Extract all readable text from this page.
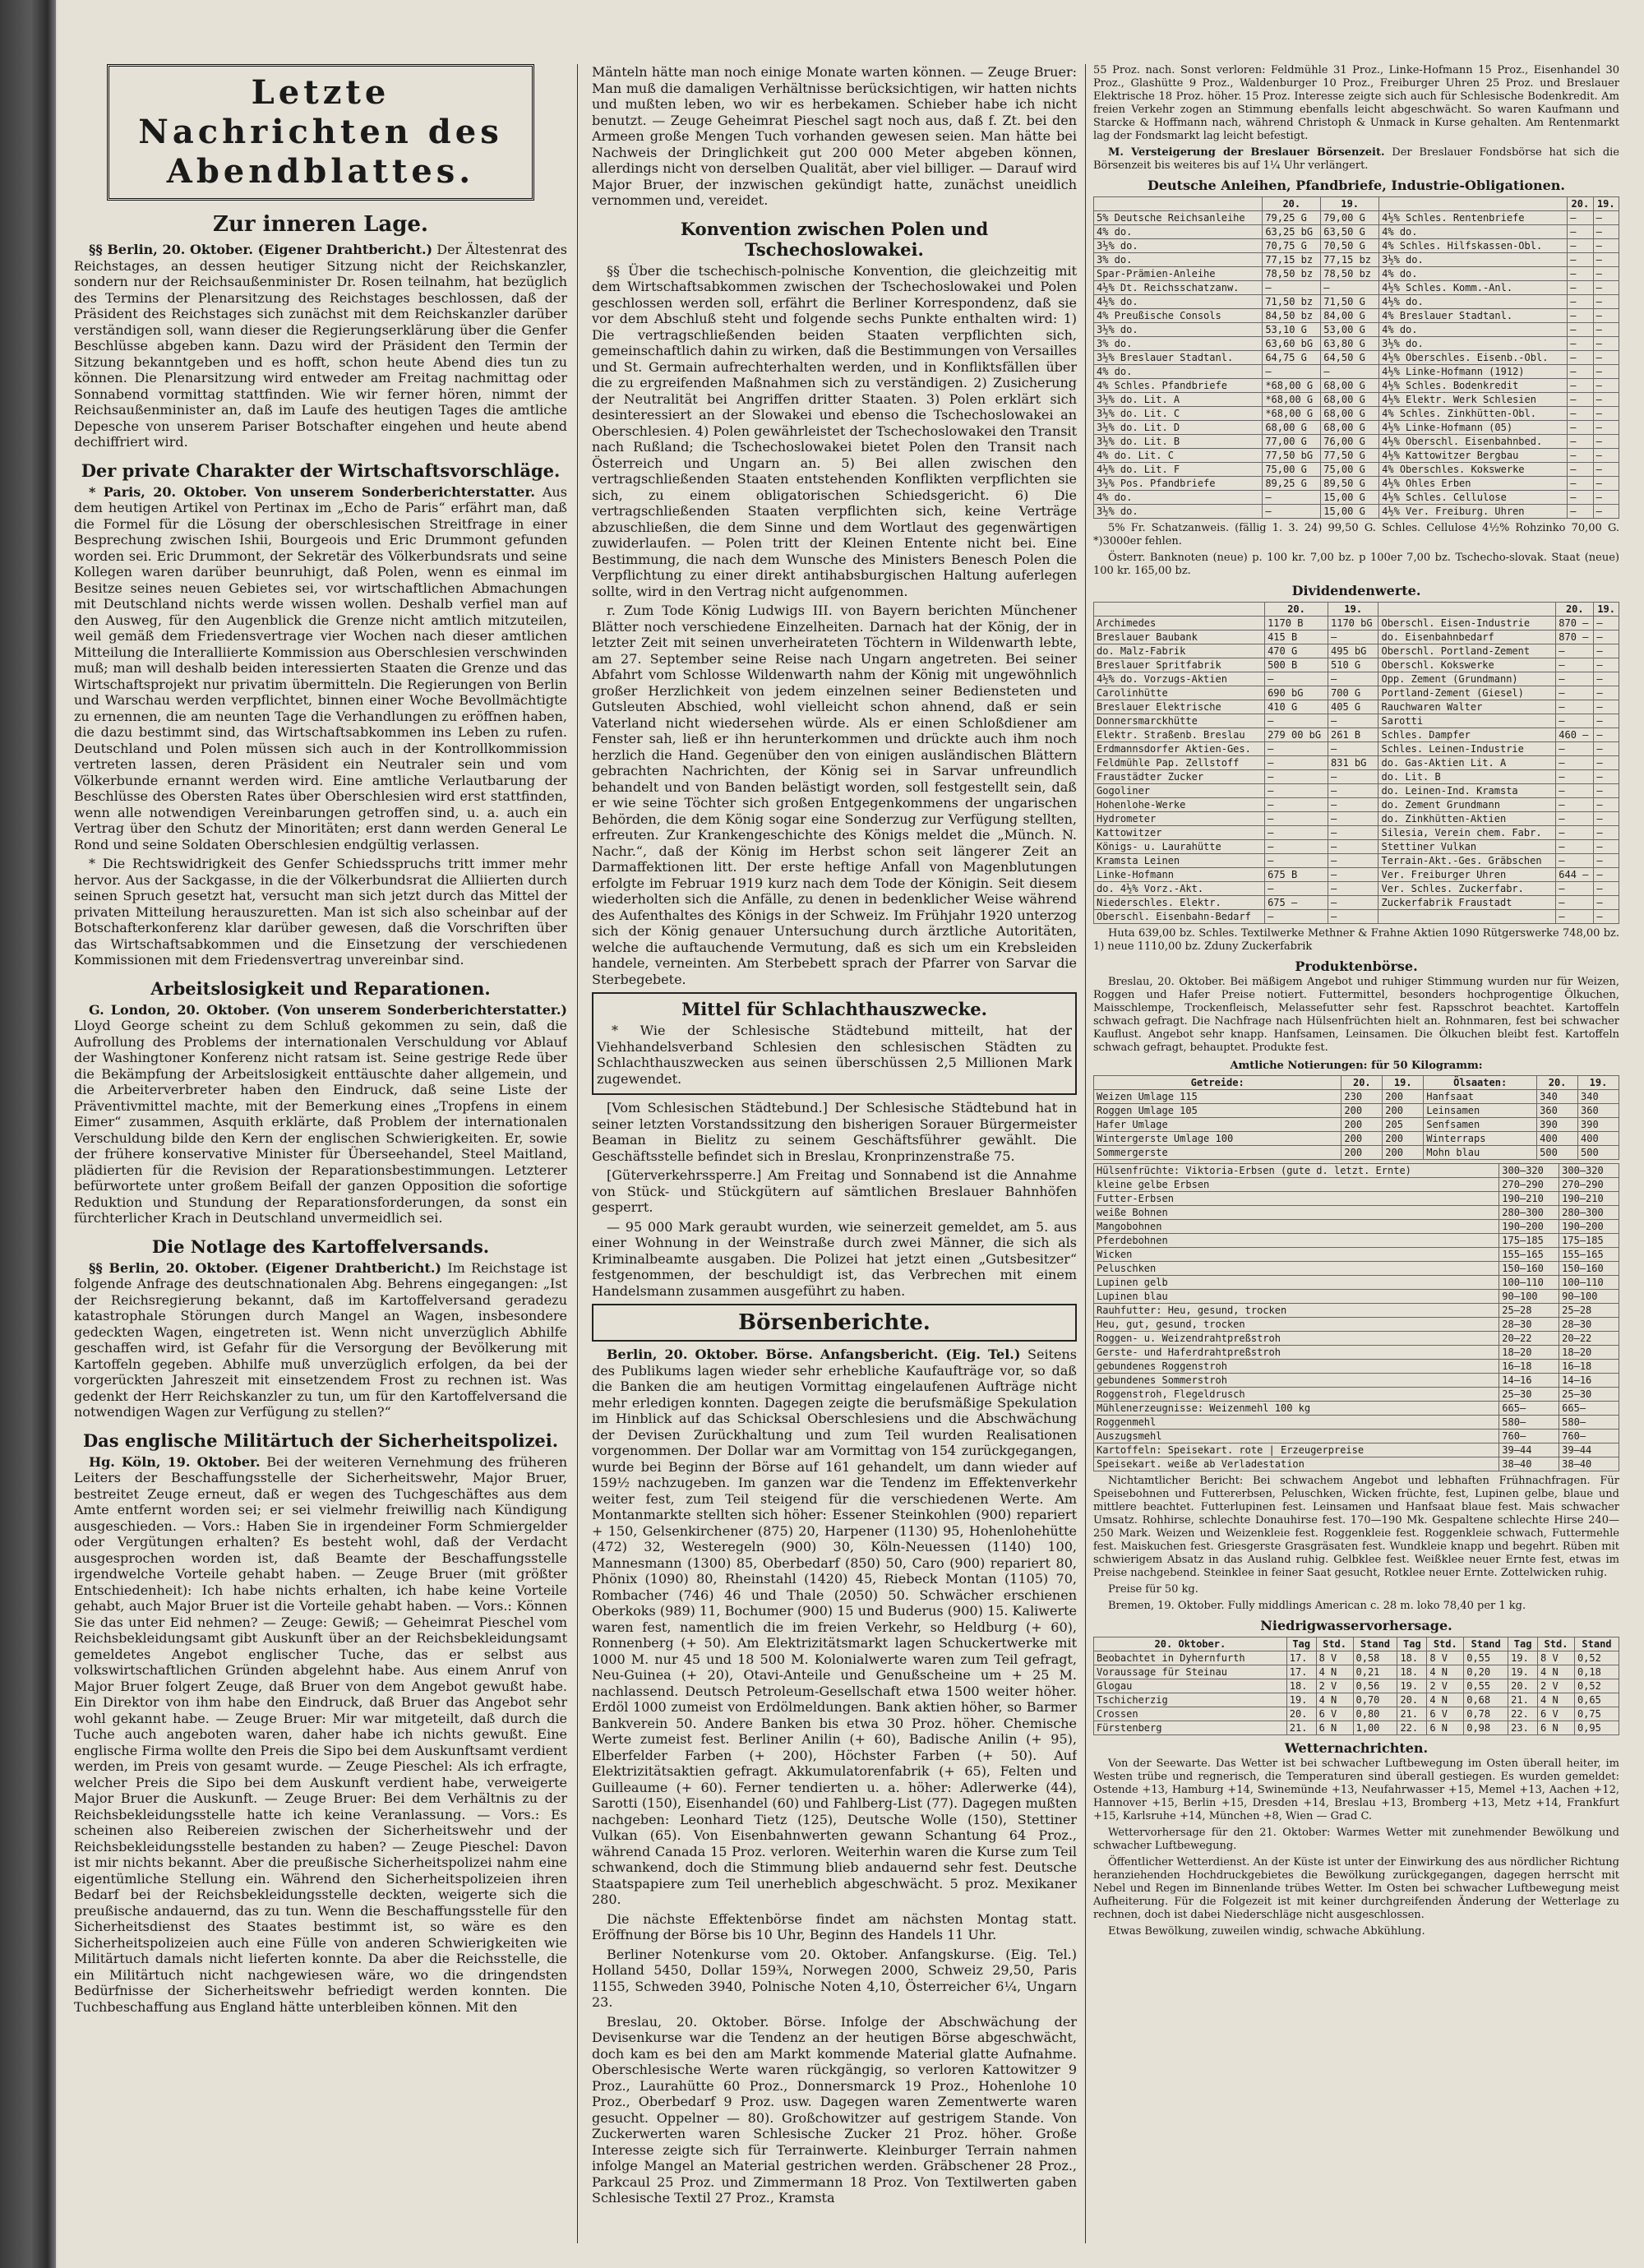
Letzte Nachrichten des Abendblattes.
Zur inneren Lage.

§§ Berlin, 20. Oktober. (Eigener Drahtbericht.) Der Ältestenrat des Reichstages, an dessen heutiger Sitzung nicht der Reichskanzler, sondern nur der Reichsaußenminister Dr. Rosen teilnahm, hat bezüglich des Termins der Plenarsitzung des Reichstages beschlossen, daß der Präsident des Reichstages sich zunächst mit dem Reichskanzler darüber verständigen soll, wann dieser die Regierungserklärung über die Genfer Beschlüsse abgeben kann. Dazu wird der Präsident den Termin der Sitzung bekanntgeben und es hofft, schon heute Abend dies tun zu können. Die Plenarsitzung wird entweder am Freitag nachmittag oder Sonnabend vormittag stattfinden. Wie wir ferner hören, nimmt der Reichsaußenminister an, daß im Laufe des heutigen Tages die amtliche Depesche von unserem Pariser Botschafter eingehen und heute abend dechiffriert wird.

Der private Charakter der Wirtschaftsvorschläge.

* Paris, 20. Oktober. Von unserem Sonderberichterstatter. Aus dem heutigen Artikel von Pertinax im „Echo de Paris“ erfährt man, daß die Formel für die Lösung der oberschlesischen Streitfrage in einer Besprechung zwischen Ishii, Bourgeois und Eric Drummont gefunden worden sei. Eric Drummont, der Sekretär des Völkerbundsrats und seine Kollegen waren darüber beunruhigt, daß Polen, wenn es einmal im Besitze seines neuen Gebietes sei, vor wirtschaftlichen Abmachungen mit Deutschland nichts werde wissen wollen. Deshalb verfiel man auf den Ausweg, für den Augenblick die Grenze nicht amtlich mitzuteilen, weil gemäß dem Friedensvertrage vier Wochen nach dieser amtlichen Mitteilung die Interalliierte Kommission aus Oberschlesien verschwinden muß; man will deshalb beiden interessierten Staaten die Grenze und das Wirtschaftsprojekt nur privatim übermitteln. Die Regierungen von Berlin und Warschau werden verpflichtet, binnen einer Woche Bevollmächtigte zu ernennen, die am neunten Tage die Verhandlungen zu eröffnen haben, die dazu bestimmt sind, das Wirtschaftsabkommen ins Leben zu rufen. Deutschland und Polen müssen sich auch in der Kontrollkommission vertreten lassen, deren Präsident ein Neutraler sein und vom Völkerbunde ernannt werden wird. Eine amtliche Verlautbarung der Beschlüsse des Obersten Rates über Oberschlesien wird erst stattfinden, wenn alle notwendigen Vereinbarungen getroffen sind, u. a. auch ein Vertrag über den Schutz der Minoritäten; erst dann werden General Le Rond und seine Soldaten Oberschlesien endgültig verlassen.

* Die Rechtswidrigkeit des Genfer Schiedsspruchs tritt immer mehr hervor. Aus der Sackgasse, in die der Völkerbundsrat die Alliierten durch seinen Spruch gesetzt hat, versucht man sich jetzt durch das Mittel der privaten Mitteilung herauszuretten. Man ist sich also scheinbar auf der Botschafterkonferenz klar darüber gewesen, daß die Vorschriften über das Wirtschaftsabkommen und die Einsetzung der verschiedenen Kommissionen mit dem Friedensvertrag unvereinbar sind.

Arbeitslosigkeit und Reparationen.

G. London, 20. Oktober. (Von unserem Sonderberichterstatter.) Lloyd George scheint zu dem Schluß gekommen zu sein, daß die Aufrollung des Problems der internationalen Verschuldung vor Ablauf der Washingtoner Konferenz nicht ratsam ist. Seine gestrige Rede über die Bekämpfung der Arbeitslosigkeit enttäuschte daher allgemein, und die Arbeiterverbreter haben den Eindruck, daß seine Liste der Präventivmittel machte, mit der Bemerkung eines „Tropfens in einem Eimer“ zusammen, Asquith erklärte, daß Problem der internationalen Verschuldung bilde den Kern der englischen Schwierigkeiten. Er, sowie der frühere konservative Minister für Überseehandel, Steel Maitland, plädierten für die Revision der Reparationsbestimmungen. Letzterer befürwortete unter großem Beifall der ganzen Opposition die sofortige Reduktion und Stundung der Reparationsforderungen, da sonst ein fürchterlicher Krach in Deutschland unvermeidlich sei.

Die Notlage des Kartoffelversands.

§§ Berlin, 20. Oktober. (Eigener Drahtbericht.) Im Reichstage ist folgende Anfrage des deutschnationalen Abg. Behrens eingegangen: „Ist der Reichsregierung bekannt, daß im Kartoffelversand geradezu katastrophale Störungen durch Mangel an Wagen, insbesondere gedeckten Wagen, eingetreten ist. Wenn nicht unverzüglich Abhilfe geschaffen wird, ist Gefahr für die Versorgung der Bevölkerung mit Kartoffeln gegeben. Abhilfe muß unverzüglich erfolgen, da bei der vorgerückten Jahreszeit mit einsetzendem Frost zu rechnen ist. Was gedenkt der Herr Reichskanzler zu tun, um für den Kartoffelversand die notwendigen Wagen zur Verfügung zu stellen?“

Das englische Militärtuch der Sicherheitspolizei.

Hg. Köln, 19. Oktober. Bei der weiteren Vernehmung des früheren Leiters der Beschaffungsstelle der Sicherheitswehr, Major Bruer, bestreitet Zeuge erneut, daß er wegen des Tuchgeschäftes aus dem Amte entfernt worden sei; er sei vielmehr freiwillig nach Kündigung ausgeschieden. — Vors.: Haben Sie in irgendeiner Form Schmiergelder oder Vergütungen erhalten? Es besteht wohl, daß der Verdacht ausgesprochen worden ist, daß Beamte der Beschaffungsstelle irgendwelche Vorteile gehabt haben. — Zeuge Bruer (mit größter Entschiedenheit): Ich habe nichts erhalten, ich habe keine Vorteile gehabt, auch Major Bruer ist die Vorteile gehabt haben. — Vors.: Können Sie das unter Eid nehmen? — Zeuge: Gewiß; — Geheimrat Pieschel vom Reichsbekleidungsamt gibt Auskunft über an der Reichsbekleidungsamt gemeldetes Angebot englischer Tuche, das er selbst aus volkswirtschaftlichen Gründen abgelehnt habe. Aus einem Anruf von Major Bruer folgert Zeuge, daß Bruer von dem Angebot gewußt habe. Ein Direktor von ihm habe den Eindruck, daß Bruer das Angebot sehr wohl gekannt habe. — Zeuge Bruer: Mir war mitgeteilt, daß durch die Tuche auch angeboten waren, daher habe ich nichts gewußt. Eine englische Firma wollte den Preis die Sipo bei dem Auskunftsamt verdient werden, im Preis von gesamt wurde. — Zeuge Pieschel: Als ich erfragte, welcher Preis die Sipo bei dem Auskunft verdient habe, verweigerte Major Bruer die Auskunft. — Zeuge Bruer: Bei dem Verhältnis zu der Reichsbekleidungsstelle hatte ich keine Veranlassung. — Vors.: Es scheinen also Reibereien zwischen der Sicherheitswehr und der Reichsbekleidungsstelle bestanden zu haben? — Zeuge Pieschel: Davon ist mir nichts bekannt. Aber die preußische Sicherheitspolizei nahm eine eigentümliche Stellung ein. Während den Sicherheitspolizeien ihren Bedarf bei der Reichsbekleidungsstelle deckten, weigerte sich die preußische andauernd, das zu tun. Wenn die Beschaffungsstelle für den Sicherheitsdienst des Staates bestimmt ist, so wäre es den Sicherheitspolizeien auch eine Fülle von anderen Schwierigkeiten wie Militärtuch damals nicht lieferten konnte. Da aber die Reichsstelle, die ein Militärtuch nicht nachgewiesen wäre, wo die dringendsten Bedürfnisse der Sicherheitswehr befriedigt werden konnten. Die Tuchbeschaffung aus England hätte unterbleiben können. Mit den

Mänteln hätte man noch einige Monate warten können. — Zeuge Bruer: Man muß die damaligen Verhältnisse berücksichtigen, wir hatten nichts und mußten leben, wo wir es herbekamen. Schieber habe ich nicht benutzt. — Zeuge Geheimrat Pieschel sagt noch aus, daß f. Zt. bei den Armeen große Mengen Tuch vorhanden gewesen seien. Man hätte bei Nachweis der Dringlichkeit gut 200 000 Meter abgeben können, allerdings nicht von derselben Qualität, aber viel billiger. — Darauf wird Major Bruer, der inzwischen gekündigt hatte, zunächst uneidlich vernommen und, vereidet.

Konvention zwischen Polen und Tschechoslowakei.

§§ Über die tschechisch-polnische Konvention, die gleichzeitig mit dem Wirtschaftsabkommen zwischen der Tschechoslowakei und Polen geschlossen werden soll, erfährt die Berliner Korrespondenz, daß sie vor dem Abschluß steht und folgende sechs Punkte enthalten wird: 1) Die vertragschließenden beiden Staaten verpflichten sich, gemeinschaftlich dahin zu wirken, daß die Bestimmungen von Versailles und St. Germain aufrechterhalten werden, und in Konfliktsfällen über die zu ergreifenden Maßnahmen sich zu verständigen. 2) Zusicherung der Neutralität bei Angriffen dritter Staaten. 3) Polen erklärt sich desinteressiert an der Slowakei und ebenso die Tschechoslowakei an Oberschlesien. 4) Polen gewährleistet der Tschechoslowakei den Transit nach Rußland; die Tschechoslowakei bietet Polen den Transit nach Österreich und Ungarn an. 5) Bei allen zwischen den vertragschließenden Staaten entstehenden Konflikten verpflichten sie sich, zu einem obligatorischen Schiedsgericht. 6) Die vertragschließenden Staaten verpflichten sich, keine Verträge abzuschließen, die dem Sinne und dem Wortlaut des gegenwärtigen zuwiderlaufen. — Polen tritt der Kleinen Entente nicht bei. Eine Bestimmung, die nach dem Wunsche des Ministers Benesch Polen die Verpflichtung zu einer direkt antihabsburgischen Haltung auferlegen sollte, wird in den Vertrag nicht aufgenommen.

r. Zum Tode König Ludwigs III. von Bayern berichten Münchener Blätter noch verschiedene Einzelheiten. Darnach hat der König, der in letzter Zeit mit seinen unverheirateten Töchtern in Wildenwarth lebte, am 27. September seine Reise nach Ungarn angetreten. Bei seiner Abfahrt vom Schlosse Wildenwarth nahm der König mit ungewöhnlich großer Herzlichkeit von jedem einzelnen seiner Bediensteten und Gutsleuten Abschied, wohl vielleicht schon ahnend, daß er sein Vaterland nicht wiedersehen würde. Als er einen Schloßdiener am Fenster sah, ließ er ihn herunterkommen und drückte auch ihm noch herzlich die Hand. Gegenüber den von einigen ausländischen Blättern gebrachten Nachrichten, der König sei in Sarvar unfreundlich behandelt und von Banden belästigt worden, soll festgestellt sein, daß er wie seine Töchter sich großen Entgegenkommens der ungarischen Behörden, die dem König sogar eine Sonderzug zur Verfügung stellten, erfreuten. Zur Krankengeschichte des Königs meldet die „Münch. N. Nachr.“, daß der König im Herbst schon seit längerer Zeit an Darmaffektionen litt. Der erste heftige Anfall von Magenblutungen erfolgte im Februar 1919 kurz nach dem Tode der Königin. Seit diesem wiederholten sich die Anfälle, zu denen in bedenklicher Weise während des Aufenthaltes des Königs in der Schweiz. Im Frühjahr 1920 unterzog sich der König genauer Untersuchung durch ärztliche Autoritäten, welche die auftauchende Vermutung, daß es sich um ein Krebsleiden handele, verneinten. Am Sterbebett sprach der Pfarrer von Sarvar die Sterbegebete.

Mittel für Schlachthauszwecke.

* Wie der Schlesische Städtebund mitteilt, hat der Viehhandelsverband Schlesien den schlesischen Städten zu Schlachthauszwecken aus seinen überschüssen 2,5 Millionen Mark zugewendet.

[Vom Schlesischen Städtebund.] Der Schlesische Städtebund hat in seiner letzten Vorstandssitzung den bisherigen Sorauer Bürgermeister Beaman in Bielitz zu seinem Geschäftsführer gewählt. Die Geschäftsstelle befindet sich in Breslau, Kronprinzenstraße 75.

[Güterverkehrssperre.] Am Freitag und Sonnabend ist die Annahme von Stück- und Stückgütern auf sämtlichen Breslauer Bahnhöfen gesperrt.

— 95 000 Mark geraubt wurden, wie seinerzeit gemeldet, am 5. aus einer Wohnung in der Weinstraße durch zwei Männer, die sich als Kriminalbeamte ausgaben. Die Polizei hat jetzt einen „Gutsbesitzer“ festgenommen, der beschuldigt ist, das Verbrechen mit einem Handelsmann zusammen ausgeführt zu haben.

Börsenberichte.

Berlin, 20. Oktober. Börse. Anfangsbericht. (Eig. Tel.) Seitens des Publikums lagen wieder sehr erhebliche Kaufaufträge vor, so daß die Banken die am heutigen Vormittag eingelaufenen Aufträge nicht mehr erledigen konnten. Dagegen zeigte die berufsmäßige Spekulation im Hinblick auf das Schicksal Oberschlesiens und die Abschwächung der Devisen Zurückhaltung und zum Teil wurden Realisationen vorgenommen. Der Dollar war am Vormittag von 154 zurückgegangen, wurde bei Beginn der Börse auf 161 gehandelt, um dann wieder auf 159½ nachzugeben. Im ganzen war die Tendenz im Effektenverkehr weiter fest, zum Teil steigend für die verschiedenen Werte. Am Montanmarkte stellten sich höher: Essener Steinkohlen (900) repariert + 150, Gelsenkirchener (875) 20, Harpener (1130) 95, Hohenlohehütte (472) 32, Westeregeln (900) 30, Köln-Neuessen (1140) 100, Mannesmann (1300) 85, Oberbedarf (850) 50, Caro (900) repariert 80, Phönix (1090) 80, Rheinstahl (1420) 45, Riebeck Montan (1105) 70, Rombacher (746) 46 und Thale (2050) 50. Schwächer erschienen Oberkoks (989) 11, Bochumer (900) 15 und Buderus (900) 15. Kaliwerte waren fest, namentlich die im freien Verkehr, so Heldburg (+ 60), Ronnenberg (+ 50). Am Elektrizitätsmarkt lagen Schuckertwerke mit 1000 M. nur 45 und 18 500 M. Kolonialwerte waren zum Teil gefragt, Neu-Guinea (+ 20), Otavi-Anteile und Genußscheine um + 25 M. nachlassend. Deutsch Petroleum-Gesellschaft etwa 1500 weiter höher. Erdöl 1000 zumeist von Erdölmeldungen. Bank aktien höher, so Barmer Bankverein 50. Andere Banken bis etwa 30 Proz. höher. Chemische Werte zumeist fest. Berliner Anilin (+ 60), Badische Anilin (+ 95), Elberfelder Farben (+ 200), Höchster Farben (+ 50). Auf Elektrizitätsaktien gefragt. Akkumulatorenfabrik (+ 65), Felten und Guilleaume (+ 60). Ferner tendierten u. a. höher: Adlerwerke (44), Sarotti (150), Eisenhandel (60) und Fahlberg-List (77). Dagegen mußten nachgeben: Leonhard Tietz (125), Deutsche Wolle (150), Stettiner Vulkan (65). Von Eisenbahnwerten gewann Schantung 64 Proz., während Canada 15 Proz. verloren. Weiterhin waren die Kurse zum Teil schwankend, doch die Stimmung blieb andauernd sehr fest. Deutsche Staatspapiere zum Teil unerheblich abgeschwächt. 5 proz. Mexikaner 280.

Die nächste Effektenbörse findet am nächsten Montag statt. Eröffnung der Börse bis 10 Uhr, Beginn des Handels 11 Uhr.

Berliner Notenkurse vom 20. Oktober. Anfangskurse. (Eig. Tel.) Holland 5450, Dollar 159¾, Norwegen 2000, Schweiz 29,50, Paris 1155, Schweden 3940, Polnische Noten 4,10, Österreicher 6¼, Ungarn 23.

Breslau, 20. Oktober. Börse. Infolge der Abschwächung der Devisenkurse war die Tendenz an der heutigen Börse abgeschwächt, doch kam es bei den am Markt kommende Material glatte Aufnahme. Oberschlesische Werte waren rückgängig, so verloren Kattowitzer 9 Proz., Laurahütte 60 Proz., Donnersmarck 19 Proz., Hohenlohe 10 Proz., Oberbedarf 9 Proz. usw. Dagegen waren Zementwerte waren gesucht. Oppelner — 80). Großchowitzer auf gestrigem Stande. Von Zuckerwerten waren Schlesische Zucker 21 Proz. höher. Große Interesse zeigte sich für Terrainwerte. Kleinburger Terrain nahmen infolge Mangel an Material gestrichen werden. Gräbschener 28 Proz., Parkcaul 25 Proz. und Zimmermann 18 Proz. Von Textilwerten gaben Schlesische Textil 27 Proz., Kramsta

55 Proz. nach. Sonst verloren: Feldmühle 31 Proz., Linke-Hofmann 15 Proz., Eisenhandel 30 Proz., Glashütte 9 Proz., Waldenburger 10 Proz., Freiburger Uhren 25 Proz. und Breslauer Elektrische 18 Proz. höher. 15 Proz. Interesse zeigte sich auch für Schlesische Bodenkredit. Am freien Verkehr zogen an Stimmung ebenfalls leicht abgeschwächt. So waren Kaufmann und Starcke & Hoffmann nach, während Christoph & Unmack in Kurse gehalten. Am Rentenmarkt lag der Fondsmarkt lag leicht befestigt.

M. Versteigerung der Breslauer Börsenzeit. Der Breslauer Fondsbörse hat sich die Börsenzeit bis weiteres bis auf 1¼ Uhr verlängert.

Deutsche Anleihen, Pfandbriefe, Industrie-Obligationen.
	20.	19.		20.	19.
5% Deutsche Reichsanleihe	79,25 G	79,00 G	4½% Schles. Rentenbriefe	—	—
4% do.	63,25 bG	63,50 G	4% do.	—	—
3½% do.	70,75 G	70,50 G	4% Schles. Hilfskassen-Obl.	—	—
3% do.	77,15 bz	77,15 bz	3½% do.	—	—
Spar-Prämien-Anleihe	78,50 bz	78,50 bz	4% do.	—	—
4½% Dt. Reichsschatzanw.	—	—	4½% Schles. Komm.-Anl.	—	—
4½% do.	71,50 bz	71,50 G	4½% do.	—	—
4% Preußische Consols	84,50 bz	84,00 G	4% Breslauer Stadtanl.	—	—
3½% do.	53,10 G	53,00 G	4% do.	—	—
3% do.	63,60 bG	63,80 G	3½% do.	—	—
3½% Breslauer Stadtanl.	64,75 G	64,50 G	4½% Oberschles. Eisenb.-Obl.	—	—
4% do.	—	—	4½% Linke-Hofmann (1912)	—	—
4% Schles. Pfandbriefe	*68,00 G	68,00 G	4½% Schles. Bodenkredit	—	—
3½% do. Lit. A	*68,00 G	68,00 G	4½% Elektr. Werk Schlesien	—	—
3½% do. Lit. C	*68,00 G	68,00 G	4% Schles. Zinkhütten-Obl.	—	—
3½% do. Lit. D	68,00 G	68,00 G	4½% Linke-Hofmann (05)	—	—
3½% do. Lit. B	77,00 G	76,00 G	4½% Oberschl. Eisenbahnbed.	—	—
4% do. Lit. C	77,50 bG	77,50 G	4½% Kattowitzer Bergbau	—	—
4½% do. Lit. F	75,00 G	75,00 G	4% Oberschles. Kokswerke	—	—
3½% Pos. Pfandbriefe	89,25 G	89,50 G	4½% Ohles Erben	—	—
4% do.	—	15,00 G	4½% Schles. Cellulose	—	—
3½% do.	—	15,00 G	4½% Ver. Freiburg. Uhren	—	—

5% Fr. Schatzanweis. (fällig 1. 3. 24) 99,50 G. Schles. Cellulose 4½% Rohzinko 70,00 G. *)3000er fehlen.

Österr. Banknoten (neue) p. 100 kr. 7,00 bz. p 100er 7,00 bz. Tschecho-slovak. Staat (neue) 100 kr. 165,00 bz.

Dividendenwerte.
	20.	19.		20.	19.
Archimedes	1170 B	1170 bG	Oberschl. Eisen-Industrie	870 —	—
Breslauer Baubank	415 B	—	do. Eisenbahnbedarf	870 —	—
do. Malz-Fabrik	470 G	495 bG	Oberschl. Portland-Zement	—	—
Breslauer Spritfabrik	500 B	510 G	Oberschl. Kokswerke	—	—
4½% do. Vorzugs-Aktien	—	—	Opp. Zement (Grundmann)	—	—
Carolinhütte	690 bG	700 G	Portland-Zement (Giesel)	—	—
Breslauer Elektrische	410 G	405 G	Rauchwaren Walter	—	—
Donnersmarckhütte	—	—	Sarotti	—	—
Elektr. Straßenb. Breslau	279 00 bG	261 B	Schles. Dampfer	460 —	—
Erdmannsdorfer Aktien-Ges.	—	—	Schles. Leinen-Industrie	—	—
Feldmühle Pap. Zellstoff	—	831 bG	do. Gas-Aktien Lit. A	—	—
Fraustädter Zucker	—	—	do. Lit. B	—	—
Gogoliner	—	—	do. Leinen-Ind. Kramsta	—	—
Hohenlohe-Werke	—	—	do. Zement Grundmann	—	—
Hydrometer	—	—	do. Zinkhütten-Aktien	—	—
Kattowitzer	—	—	Silesia, Verein chem. Fabr.	—	—
Königs- u. Laurahütte	—	—	Stettiner Vulkan	—	—
Kramsta Leinen	—	—	Terrain-Akt.-Ges. Gräbschen	—	—
Linke-Hofmann	675 B	—	Ver. Freiburger Uhren	644 —	—
do. 4½% Vorz.-Akt.	—	—	Ver. Schles. Zuckerfabr.	—	—
Niederschles. Elektr.	675 —	—	Zuckerfabrik Fraustadt	—	—
Oberschl. Eisenbahn-Bedarf	—	—		—	—

Huta 639,00 bz. Schles. Textilwerke Methner & Frahne Aktien 1090 Rütgerswerke 748,00 bz. 1) neue 1110,00 bz. Zduny Zuckerfabrik

Produktenbörse.

Breslau, 20. Oktober. Bei mäßigem Angebot und ruhiger Stimmung wurden nur für Weizen, Roggen und Hafer Preise notiert. Futtermittel, besonders hochprogentige Ölkuchen, Maisschlempe, Trockenfleisch, Melassefutter sehr fest. Rapsschrot beachtet. Kartoffeln schwach gefragt. Die Nachfrage nach Hülsenfrüchten hielt an. Rohnmaren, fest bei schwacher Kauflust. Angebot sehr knapp. Hanfsamen, Leinsamen. Die Ölkuchen bleibt fest. Kartoffeln schwach gefragt, behauptet. Produkte fest.

Amtliche Notierungen: für 50 Kilogramm:
Getreide:	20.	19.	Ölsaaten:	20.	19.
Weizen Umlage 115	230	200	Hanfsaat	340	340
Roggen Umlage 105	200	200	Leinsamen	360	360
Hafer Umlage	200	205	Senfsamen	390	390
Wintergerste Umlage 100	200	200	Winterraps	400	400
Sommergerste	200	200	Mohn blau	500	500
Hülsenfrüchte: Viktoria-Erbsen (gute d. letzt. Ernte)	300—320	300—320
kleine gelbe Erbsen	270—290	270—290
Futter-Erbsen	190—210	190—210
weiße Bohnen	280—300	280—300
Mangobohnen	190—200	190—200
Pferdebohnen	175—185	175—185
Wicken	155—165	155—165
Peluschken	150—160	150—160
Lupinen gelb	100—110	100—110
Lupinen blau	90—100	90—100
Rauhfutter: Heu, gesund, trocken	25—28	25—28
Heu, gut, gesund, trocken	28—30	28—30
Roggen- u. Weizendrahtpreßstroh	20—22	20—22
Gerste- und Haferdrahtpreßstroh	18—20	18—20
gebundenes Roggenstroh	16—18	16—18
gebundenes Sommerstroh	14—16	14—16
Roggenstroh, Flegeldrusch	25—30	25—30
Mühlenerzeugnisse: Weizenmehl 100 kg	665—	665—
Roggenmehl	580—	580—
Auszugsmehl	760—	760—
Kartoffeln: Speisekart. rote | Erzeugerpreise	39—44	39—44
Speisekart. weiße ab Verladestation	38—40	38—40

Nichtamtlicher Bericht: Bei schwachem Angebot und lebhaften Frühnachfragen. Für Speisebohnen und Futtererbsen, Peluschken, Wicken früchte, fest, Lupinen gelbe, blaue und mittlere beachtet. Futterlupinen fest. Leinsamen und Hanfsaat blaue fest. Mais schwacher Umsatz. Rohhirse, schlechte Donauhirse fest. 170—190 Mk. Gespaltene schlechte Hirse 240—250 Mark. Weizen und Weizenkleie fest. Roggenkleie fest. Roggenkleie schwach, Futtermehle fest. Maiskuchen fest. Griesgerste Grasgräsaten fest. Wundkleie knapp und begehrt. Rüben mit schwierigem Absatz in das Ausland ruhig. Gelbklee fest. Weißklee neuer Ernte fest, etwas im Preise nachgebend. Steinklee in feiner Saat gesucht, Rotklee neuer Ernte. Zottelwicken ruhig.

Preise für 50 kg.

Bremen, 19. Oktober. Fully middlings American c. 28 m. loko 78,40 per 1 kg.

Niedrigwasservorhersage.
20. Oktober.	Tag	Std.	Stand	Tag	Std.	Stand	Tag	Std.	Stand
Beobachtet in Dyhernfurth	17.	8 V	0,58	18.	8 V	0,55	19.	8 V	0,52
Voraussage für Steinau	17.	4 N	0,21	18.	4 N	0,20	19.	4 N	0,18
Glogau	18.	2 V	0,56	19.	2 V	0,55	20.	2 V	0,52
Tschicherzig	19.	4 N	0,70	20.	4 N	0,68	21.	4 N	0,65
Crossen	20.	6 V	0,80	21.	6 V	0,78	22.	6 V	0,75
Fürstenberg	21.	6 N	1,00	22.	6 N	0,98	23.	6 N	0,95
Wetternachrichten.

Von der Seewarte. Das Wetter ist bei schwacher Luftbewegung im Osten überall heiter, im Westen trübe und regnerisch, die Temperaturen sind überall gestiegen. Es wurden gemeldet: Ostende +13, Hamburg +14, Swinemünde +13, Neufahrwasser +15, Memel +13, Aachen +12, Hannover +15, Berlin +15, Dresden +14, Breslau +13, Bromberg +13, Metz +14, Frankfurt +15, Karlsruhe +14, München +8, Wien — Grad C.

Wettervorhersage für den 21. Oktober: Warmes Wetter mit zunehmender Bewölkung und schwacher Luftbewegung.

Öffentlicher Wetterdienst. An der Küste ist unter der Einwirkung des aus nördlicher Richtung heranziehenden Hochdruckgebietes die Bewölkung zurückgegangen, dagegen herrscht mit Nebel und Regen im Binnenlande trübes Wetter. Im Osten bei schwacher Luftbewegung meist Aufheiterung. Für die Folgezeit ist mit keiner durchgreifenden Änderung der Wetterlage zu rechnen, doch ist dabei Niederschläge nicht ausgeschlossen.

Etwas Bewölkung, zuweilen windig, schwache Abkühlung.
